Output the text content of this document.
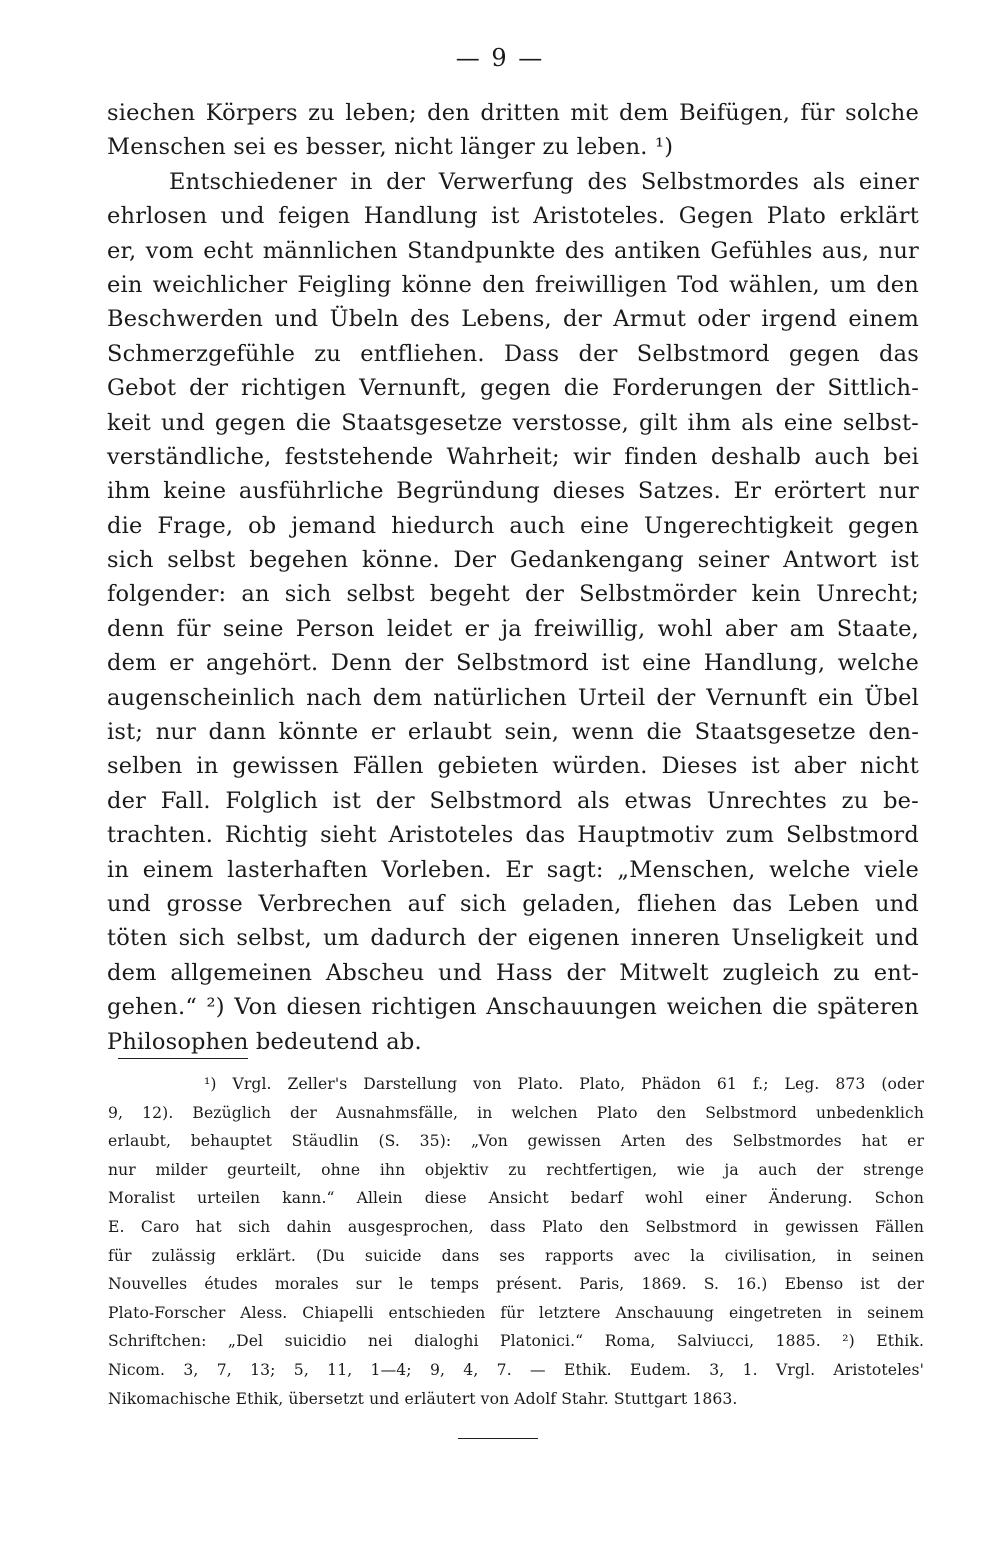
— 9 —
siechen Körpers zu leben; den dritten mit dem Beifügen, für solche
Menschen sei es besser, nicht länger zu leben. ¹)
Entschiedener in der Verwerfung des Selbstmordes als einer
ehrlosen und feigen Handlung ist Aristoteles. Gegen Plato erklärt
er, vom echt männlichen Standpunkte des antiken Gefühles aus, nur
ein weichlicher Feigling könne den freiwilligen Tod wählen, um den
Beschwerden und Übeln des Lebens, der Armut oder irgend einem
Schmerzgefühle zu entfliehen. Dass der Selbstmord gegen das
Gebot der richtigen Vernunft, gegen die Forderungen der Sittlich-
keit und gegen die Staatsgesetze verstosse, gilt ihm als eine selbst-
verständliche, feststehende Wahrheit; wir finden deshalb auch bei
ihm keine ausführliche Begründung dieses Satzes. Er erörtert nur
die Frage, ob jemand hiedurch auch eine Ungerechtigkeit gegen
sich selbst begehen könne. Der Gedankengang seiner Antwort ist
folgender: an sich selbst begeht der Selbstmörder kein Unrecht;
denn für seine Person leidet er ja freiwillig, wohl aber am Staate,
dem er angehört. Denn der Selbstmord ist eine Handlung, welche
augenscheinlich nach dem natürlichen Urteil der Vernunft ein Übel
ist; nur dann könnte er erlaubt sein, wenn die Staatsgesetze den-
selben in gewissen Fällen gebieten würden. Dieses ist aber nicht
der Fall. Folglich ist der Selbstmord als etwas Unrechtes zu be-
trachten. Richtig sieht Aristoteles das Hauptmotiv zum Selbstmord
in einem lasterhaften Vorleben. Er sagt: „Menschen, welche viele
und grosse Verbrechen auf sich geladen, fliehen das Leben und
töten sich selbst, um dadurch der eigenen inneren Unseligkeit und
dem allgemeinen Abscheu und Hass der Mitwelt zugleich zu ent-
gehen.“ ²) Von diesen richtigen Anschauungen weichen die späteren
Philosophen bedeutend ab.
¹) Vrgl. Zeller's Darstellung von Plato. Plato, Phädon 61 f.; Leg. 873 (oder
9, 12). Bezüglich der Ausnahmsfälle, in welchen Plato den Selbstmord unbedenklich
erlaubt, behauptet Stäudlin (S. 35): „Von gewissen Arten des Selbstmordes hat er
nur milder geurteilt, ohne ihn objektiv zu rechtfertigen, wie ja auch der strenge
Moralist urteilen kann.“ Allein diese Ansicht bedarf wohl einer Änderung. Schon
E. Caro hat sich dahin ausgesprochen, dass Plato den Selbstmord in gewissen Fällen
für zulässig erklärt. (Du suicide dans ses rapports avec la civilisation, in seinen
Nouvelles études morales sur le temps présent. Paris, 1869. S. 16.) Ebenso ist der
Plato-Forscher Aless. Chiapelli entschieden für letztere Anschauung eingetreten in seinem
Schriftchen: „Del suicidio nei dialoghi Platonici.“ Roma, Salviucci, 1885. ²) Ethik.
Nicom. 3, 7, 13; 5, 11, 1—4; 9, 4, 7. — Ethik. Eudem. 3, 1. Vrgl. Aristoteles'
Nikomachische Ethik, übersetzt und erläutert von Adolf Stahr. Stuttgart 1863.
